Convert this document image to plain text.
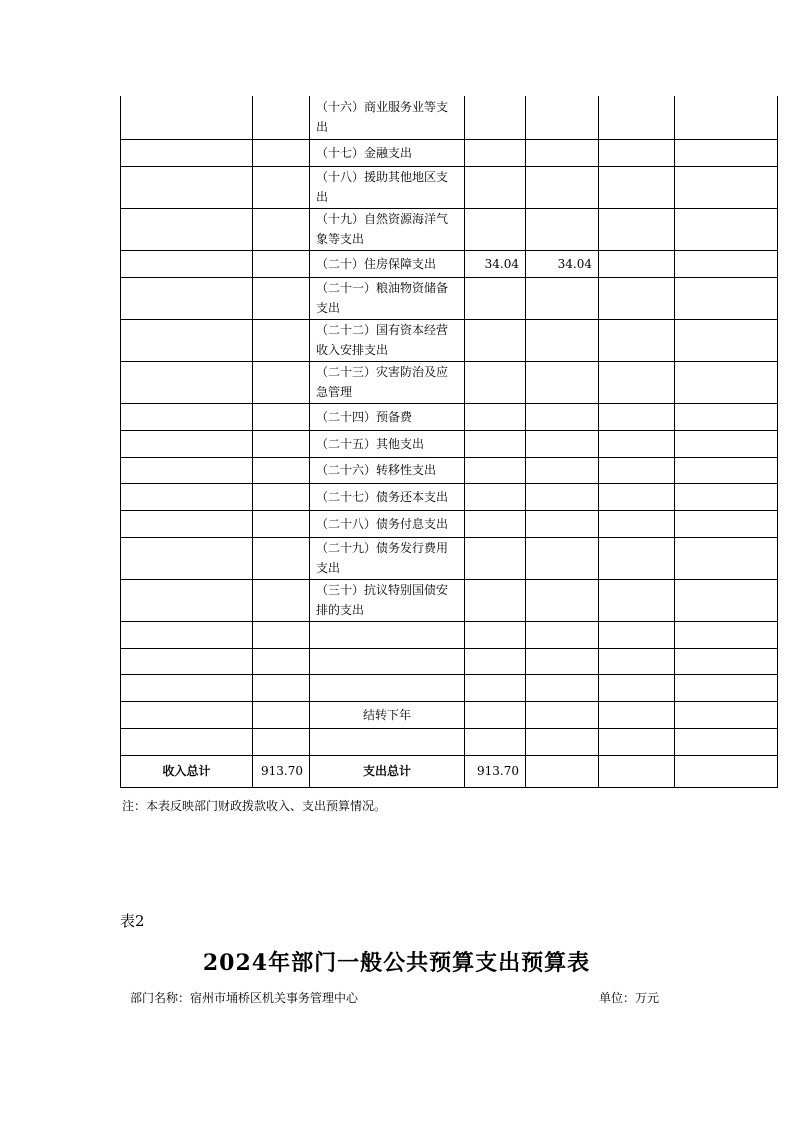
		（十六）商业服务业等支出				
		（十七）金融支出				
		（十八）援助其他地区支出				
		（十九）自然资源海洋气象等支出				
		（二十）住房保障支出	34.04	34.04		
		（二十一）粮油物资储备支出				
		（二十二）国有资本经营收入安排支出				
		（二十三）灾害防治及应急管理				
		（二十四）预备费				
		（二十五）其他支出				
		（二十六）转移性支出				
		（二十七）债务还本支出				
		（二十八）债务付息支出				
		（二十九）债务发行费用支出				
		（三十）抗议特别国债安排的支出				

		结转下年				

收入总计	913.70	支出总计	913.70			
注：本表反映部门财政拨款收入、支出预算情况。
表2
2024年部门一般公共预算支出预算表
部门名称：宿州市埇桥区机关事务管理中心	单位：万元
